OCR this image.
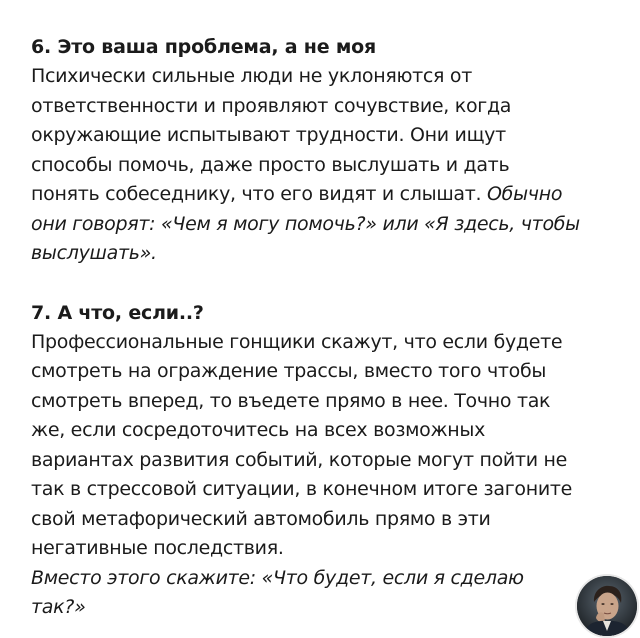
6. Это ваша проблема, а не моя

Психически сильные люди не уклоняются от
ответственности и проявляют сочувствие, когда
окружающие испытывают трудности. Они ищут
способы помочь, даже просто выслушать и дать
понять собеседнику, что его видят и слышат. Обычно
они говорят: «Чем я могу помочь?» или «Я здесь, чтобы
выслушать».

7. А что, если..?

Профессиональные гонщики скажут, что если будете
смотреть на ограждение трассы, вместо того чтобы
смотреть вперед, то въедете прямо в нее. Точно так
же, если сосредоточитесь на всех возможных
вариантах развития событий, которые могут пойти не
так в стрессовой ситуации, в конечном итоге загоните
свой метафорический автомобиль прямо в эти
негативные последствия.
Вместо этого скажите: «Что будет, если я сделаю
так?»
